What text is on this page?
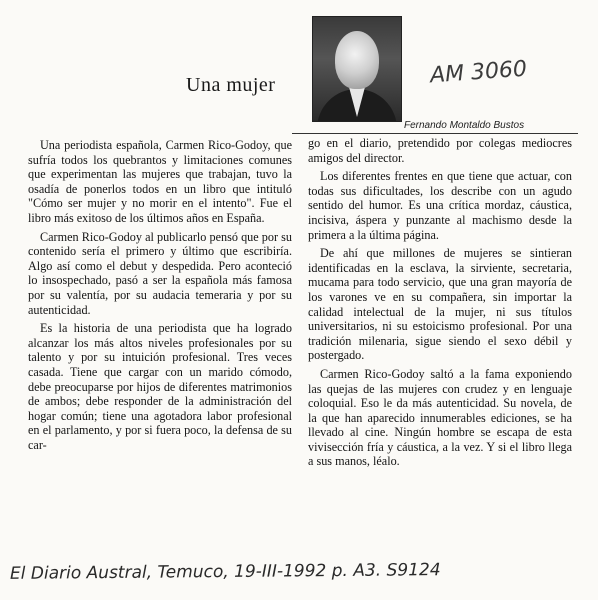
Una mujer	AM 3060
Fernando Montaldo Bustos

Una periodista española, Carmen Rico-Godoy, que sufría todos los quebrantos y limitaciones comunes que experimentan las mujeres que trabajan, tuvo la osadía de ponerlos todos en un libro que intituló "Cómo ser mujer y no morir en el intento". Fue el libro más exitoso de los últimos años en España.

Carmen Rico-Godoy al publicarlo pensó que por su contenido sería el primero y último que escribiría. Algo así como el debut y despedida. Pero aconteció lo insospechado, pasó a ser la española más famosa por su valentía, por su audacia temeraria y por su autenticidad.

Es la historia de una periodista que ha logrado alcanzar los más altos niveles profesionales por su talento y por su intuición profesional. Tres veces casada. Tiene que cargar con un marido cómodo, debe preocuparse por hijos de diferentes matrimonios de ambos; debe responder de la administración del hogar común; tiene una agotadora labor profesional en el parlamento, y por si fuera poco, la defensa de su car-

go en el diario, pretendido por colegas mediocres amigos del director.

Los diferentes frentes en que tiene que actuar, con todas sus dificultades, los describe con un agudo sentido del humor. Es una crítica mordaz, cáustica, incisiva, áspera y punzante al machismo desde la primera a la última página.

De ahí que millones de mujeres se sintieran identificadas en la esclava, la sirviente, secretaria, mucama para todo servicio, que una gran mayoría de los varones ve en su compañera, sin importar la calidad intelectual de la mujer, ni sus títulos universitarios, ni su estoicismo profesional. Por una tradición milenaria, sigue siendo el sexo débil y postergado.

Carmen Rico-Godoy saltó a la fama exponiendo las quejas de las mujeres con crudez y en lenguaje coloquial. Eso le da más autenticidad. Su novela, de la que han aparecido innumerables ediciones, se ha llevado al cine. Ningún hombre se escapa de esta vivisección fría y cáustica, a la vez. Y si el libro llega a sus manos, léalo.

El Diario Austral, Temuco, 19-III-1992 p. A3. S9124
